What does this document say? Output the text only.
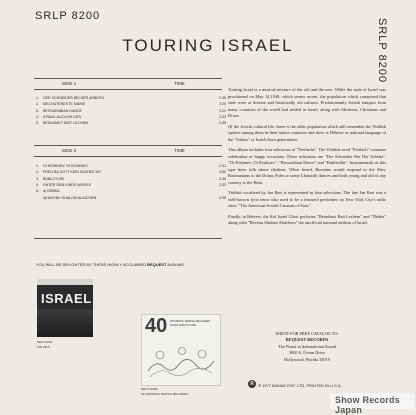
SRLP 8200
SRLP 8200
TOURING ISRAEL
SIDE 1	TIME
1. DER SCHNEIDER BEI DER ARBEITA	2:39
2. MECHUTENESTE MAINE	2:20
3. BESSARABIAN DANCE	2:21
4. A RAAL-AGOLOH LIED	2:33
5. BESADMOT BAIT LECHEM	2:35
SIDE 2	TIME
1. OI KISHINEV, OI KISHINEV	2:31
2. FREG BA GOTT KEIN KASHES NIT	3:50
3. BUBLITCHKI	2:45
4. UNTER DEM KINDS WIGELE	2:33
5. a) DEBKA
b)HAVENU SHALOM ALAICHEM	2:05

Touring Israel is a musical mixture of the old and the new. While the state of Israel was proclaimed on May 14,1948, which seems recent, the population which composed that state were of diverse and historically old cultures. Predominantly Jewish emigres from many countries of the world had settled in Israel, along with Moslems, Christians and Druze.

Of the Jewish cultural life, there is the older population which still remember the Yiddish spoken among them in their native countries and there is Hebrew or national language of the "Sabras" or Israeli born generations.

This album includes four selections of "Freilachs". The Yiddish word "Freilach" connotes celebration or happy occasions. These selections are "Der Schneider Bei Der Arbeita", "Oi Kishinev, Oi Kishinev", "Bessarabian Dance" and "Bublitchki". Instrumentals of this type have folk dance rhythms. When heard, Russians would respond to the Sher, Roumanians to the Doina, Poles to some Chassidic dances and both young and old of any country to the Hora.

Yiddish vocalized by Jan Bart is represented in four selections. The late Jan Bart was a well-known lyric tenor who used to be a featured performer on New York City's radio show "The American-Jewish Caravan of Stars".

Finally, in Hebrew, the Kol Israel Choir performs "Besadmot Bait Lechem" and "Debka" along with "Hevenu Shalom Alaichem" the unofficial national anthem of Israel.

YOU WILL BE DELIGHTED BY THESE HIGHLY ACCLAIMED REQUEST ALBUMS
ISRAEL
SRLP 8240
ISR 8415
40 FAVORITE JEWISH MELODIES SUNG AND PLAYED
SRLP 10053
40 FAVORITE JEWISH MELODIES
WRITE FOR FREE CATALOG TO:
REQUEST RECORDS
The Finest in International Sound
3800 S. Ocean Drive
Hollywood, Florida 33019
R ℗ 1977 ADMAE ENT. LTD. PRINTED IN U.S.A.
Show Records Japan
